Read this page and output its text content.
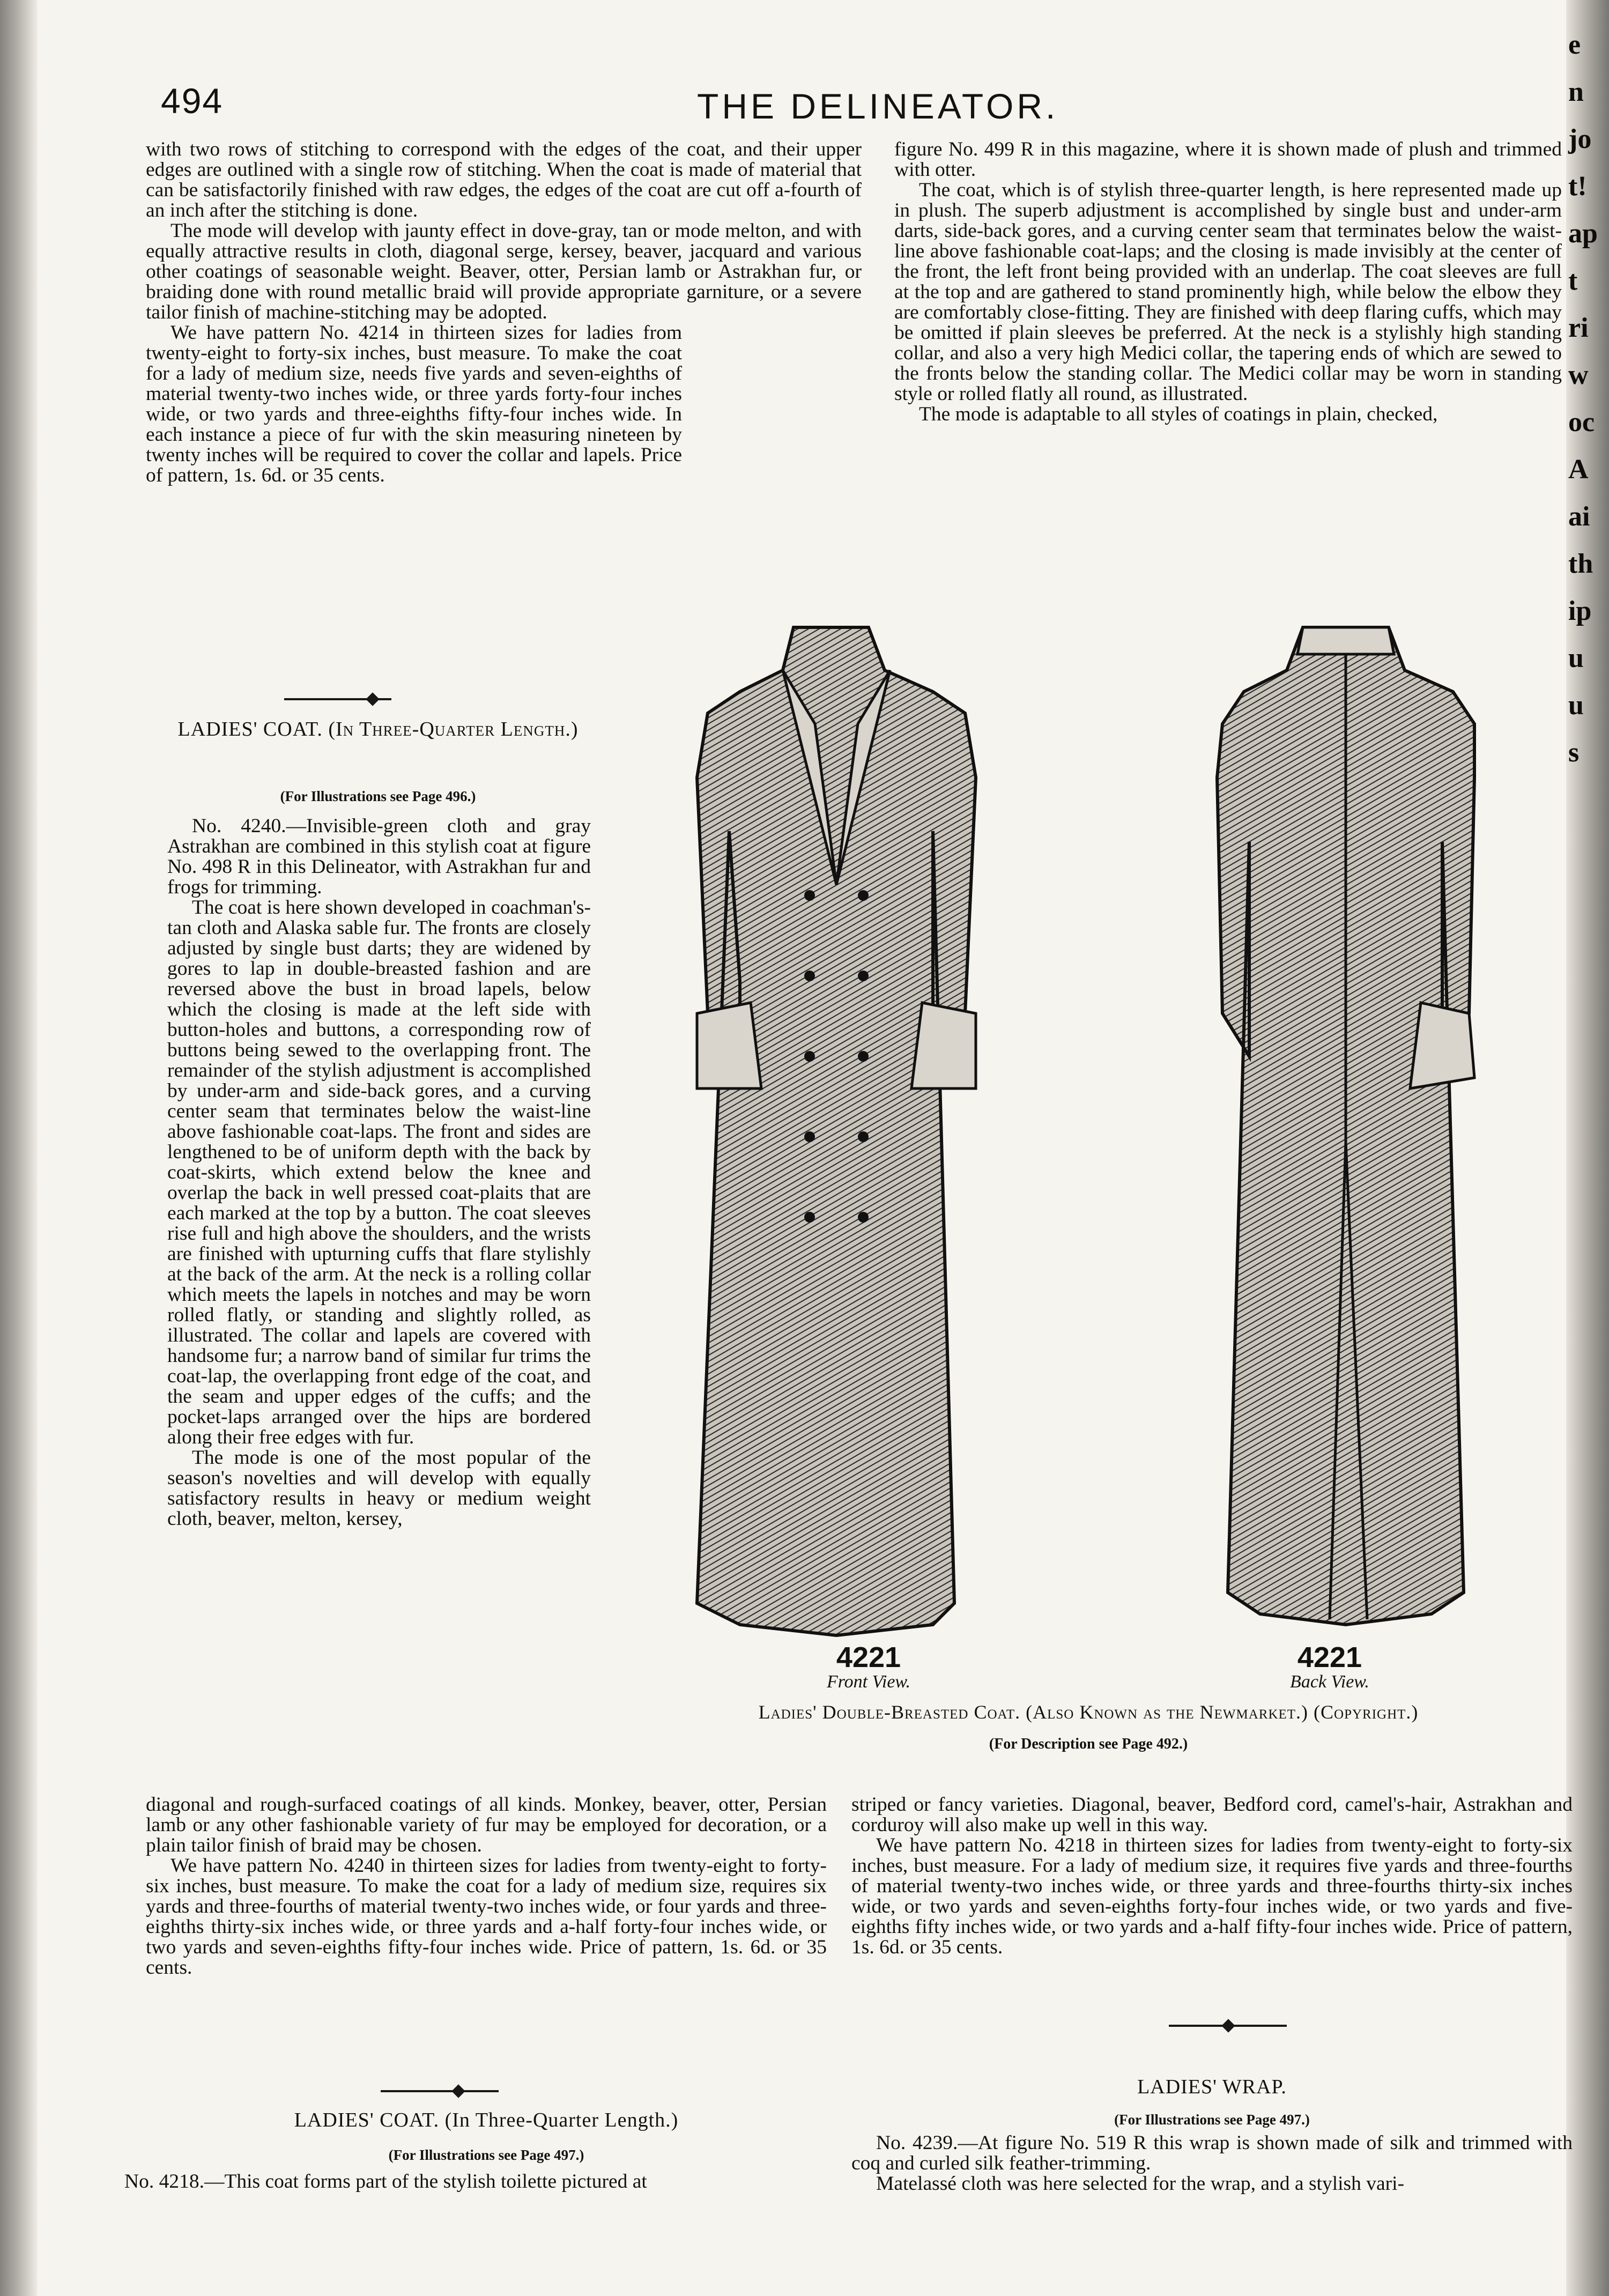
e
n
jo
t!
ap
t
ri
w
oc
A
ai
th
ip
u
u
s
494	THE DELINEATOR.

with two rows of stitching to correspond with the edges of the coat, and their upper edges are outlined with a single row of stitching. When the coat is made of material that can be satisfactorily finished with raw edges, the edges of the coat are cut off a-fourth of an inch after the stitching is done.

The mode will develop with jaunty effect in dove-gray, tan or mode melton, and with equally attractive results in cloth, diagonal serge, kersey, beaver, jacquard and various other coatings of seasonable weight. Beaver, otter, Persian lamb or Astrakhan fur, or braiding done with round metallic braid will provide appropriate garniture, or a severe tailor finish of machine-stitching may be adopted.

We have pattern No. 4214 in thirteen sizes for ladies from twenty-eight to forty-six inches, bust measure. To make the coat for a lady of medium size, needs five yards and seven-eighths of material twenty-two inches wide, or three yards forty-four inches wide, or two yards and three-eighths fifty-four inches wide. In each instance a piece of fur with the skin measuring nineteen by twenty inches will be required to cover the collar and lapels. Price of pattern, 1s. 6d. or 35 cents.

figure No. 499 R in this magazine, where it is shown made of plush and trimmed with otter.

The coat, which is of stylish three-quarter length, is here represented made up in plush. The superb adjustment is accomplished by single bust and under-arm darts, side-back gores, and a curving center seam that terminates below the waist-line above fashionable coat-laps; and the closing is made invisibly at the center of the front, the left front being provided with an underlap. The coat sleeves are full at the top and are gathered to stand prominently high, while below the elbow they are comfortably close-fitting. They are finished with deep flaring cuffs, which may be omitted if plain sleeves be preferred. At the neck is a stylishly high standing collar, and also a very high Medici collar, the tapering ends of which are sewed to the fronts below the standing collar. The Medici collar may be worn in standing style or rolled flatly all round, as illustrated.

The mode is adaptable to all styles of coatings in plain, checked,

LADIES' COAT. (In Three-Quarter Length.)
(For Illustrations see Page 496.)

No. 4240.—Invisible-green cloth and gray Astrakhan are combined in this stylish coat at figure No. 498 R in this Delineator, with Astrakhan fur and frogs for trimming.

The coat is here shown developed in coachman's-tan cloth and Alaska sable fur. The fronts are closely adjusted by single bust darts; they are widened by gores to lap in double-breasted fashion and are reversed above the bust in broad lapels, below which the closing is made at the left side with button-holes and buttons, a corresponding row of buttons being sewed to the overlapping front. The remainder of the stylish adjustment is accomplished by under-arm and side-back gores, and a curving center seam that terminates below the waist-line above fashionable coat-laps. The front and sides are lengthened to be of uniform depth with the back by coat-skirts, which extend below the knee and overlap the back in well pressed coat-plaits that are each marked at the top by a button. The coat sleeves rise full and high above the shoulders, and the wrists are finished with upturning cuffs that flare stylishly at the back of the arm. At the neck is a rolling collar which meets the lapels in notches and may be worn rolled flatly, or standing and slightly rolled, as illustrated. The collar and lapels are covered with handsome fur; a narrow band of similar fur trims the coat-lap, the overlapping front edge of the coat, and the seam and upper edges of the cuffs; and the pocket-laps arranged over the hips are bordered along their free edges with fur.

The mode is one of the most popular of the season's novelties and will develop with equally satisfactory results in heavy or medium weight cloth, beaver, melton, kersey,

4221
Front View.
4221
Back View.
Ladies' Double-Breasted Coat. (Also Known as the Newmarket.) (Copyright.)
(For Description see Page 492.)

diagonal and rough-surfaced coatings of all kinds. Monkey, beaver, otter, Persian lamb or any other fashionable variety of fur may be employed for decoration, or a plain tailor finish of braid may be chosen.

We have pattern No. 4240 in thirteen sizes for ladies from twenty-eight to forty-six inches, bust measure. To make the coat for a lady of medium size, requires six yards and three-fourths of material twenty-two inches wide, or four yards and three-eighths thirty-six inches wide, or three yards and a-half forty-four inches wide, or two yards and seven-eighths fifty-four inches wide. Price of pattern, 1s. 6d. or 35 cents.

striped or fancy varieties. Diagonal, beaver, Bedford cord, camel's-hair, Astrakhan and corduroy will also make up well in this way.

We have pattern No. 4218 in thirteen sizes for ladies from twenty-eight to forty-six inches, bust measure. For a lady of medium size, it requires five yards and three-fourths of material twenty-two inches wide, or three yards and three-fourths thirty-six inches wide, or two yards and seven-eighths forty-four inches wide, or two yards and five-eighths fifty inches wide, or two yards and a-half fifty-four inches wide. Price of pattern, 1s. 6d. or 35 cents.

LADIES' COAT. (In Three-Quarter Length.)
(For Illustrations see Page 497.)

No. 4218.—This coat forms part of the stylish toilette pictured at

LADIES' WRAP.
(For Illustrations see Page 497.)

No. 4239.—At figure No. 519 R this wrap is shown made of silk and trimmed with coq and curled silk feather-trimming.

Matelassé cloth was here selected for the wrap, and a stylish vari-
